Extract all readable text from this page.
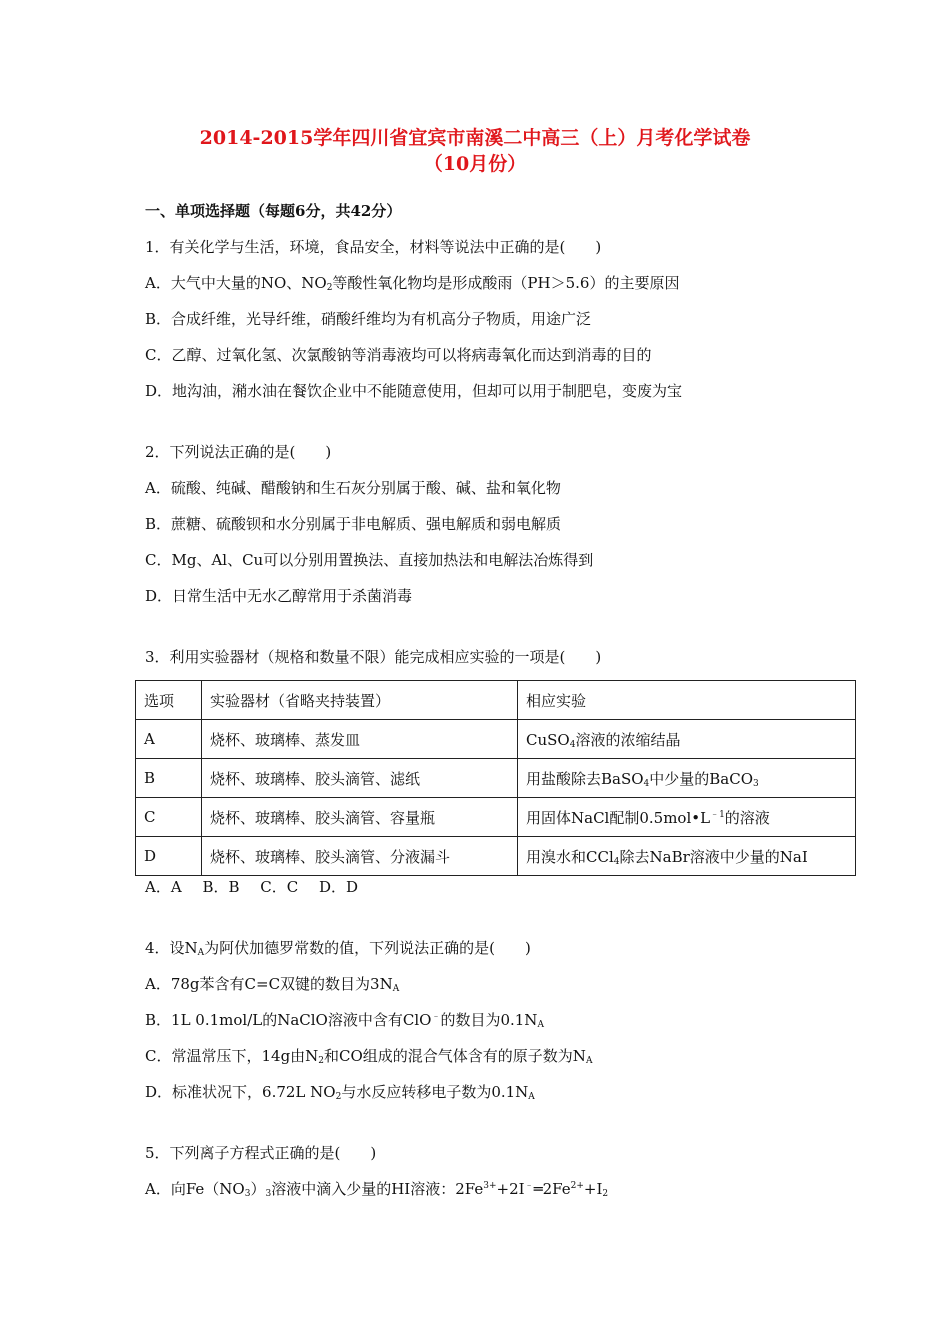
2014-2015学年四川省宜宾市南溪二中高三（上）月考化学试卷
（10月份）
一、单项选择题（每题6分，共42分）
1．有关化学与生活，环境，食品安全，材料等说法中正确的是(　　)
A．大气中大量的NO、$NO_2$等酸性氧化物均是形成酸雨（PH＞5.6）的主要原因
B．合成纤维，光导纤维，硝酸纤维均为有机高分子物质，用途广泛
C．乙醇、过氧化氢、次氯酸钠等消毒液均可以将病毒氧化而达到消毒的目的
D．地沟油，潲水油在餐饮企业中不能随意使用，但却可以用于制肥皂，变废为宝
2．下列说法正确的是(　　)
A．硫酸、纯碱、醋酸钠和生石灰分别属于酸、碱、盐和氧化物
B．蔗糖、硫酸钡和水分别属于非电解质、强电解质和弱电解质
C．Mg、Al、Cu可以分别用置换法、直接加热法和电解法冶炼得到
D．日常生活中无水乙醇常用于杀菌消毒
3．利用实验器材（规格和数量不限）能完成相应实验的一项是(　　)
选项	实验器材（省略夹持装置）	相应实验
A	烧杯、玻璃棒、蒸发皿	CuSO$_4$溶液的浓缩结晶
B	烧杯、玻璃棒、胶头滴管、滤纸	用盐酸除去BaSO$_4$中少量的BaCO$_3$
C	烧杯、玻璃棒、胶头滴管、容量瓶	用固体NaCl配制$0.5mol•L^{﹣1}$的溶液
D	烧杯、玻璃棒、胶头滴管、分液漏斗	用溴水和CCl$_4$除去NaBr溶液中少量的NaI
A．A B．B C．C D．D
4．设$N_A$为阿伏加德罗常数的值，下列说法正确的是(　　)
A．78g苯含有C=C双键的数目为$3N_A$
B．1L 0.1mol/L的NaClO溶液中含有ClO﹣的数目为$0.1N_A$
C．常温常压下，14g由$N_2$和CO组成的混合气体含有的原子数为$N_A$
D．标准状况下，6.72L $NO_2$与水反应转移电子数为$0.1N_A$
5．下列离子方程式正确的是(　　)
A．向$Fe(NO_3)_3$溶液中滴入少量的HI溶液：$2Fe^{3+}+2I^﹣═2Fe^{2+}+I_2$
